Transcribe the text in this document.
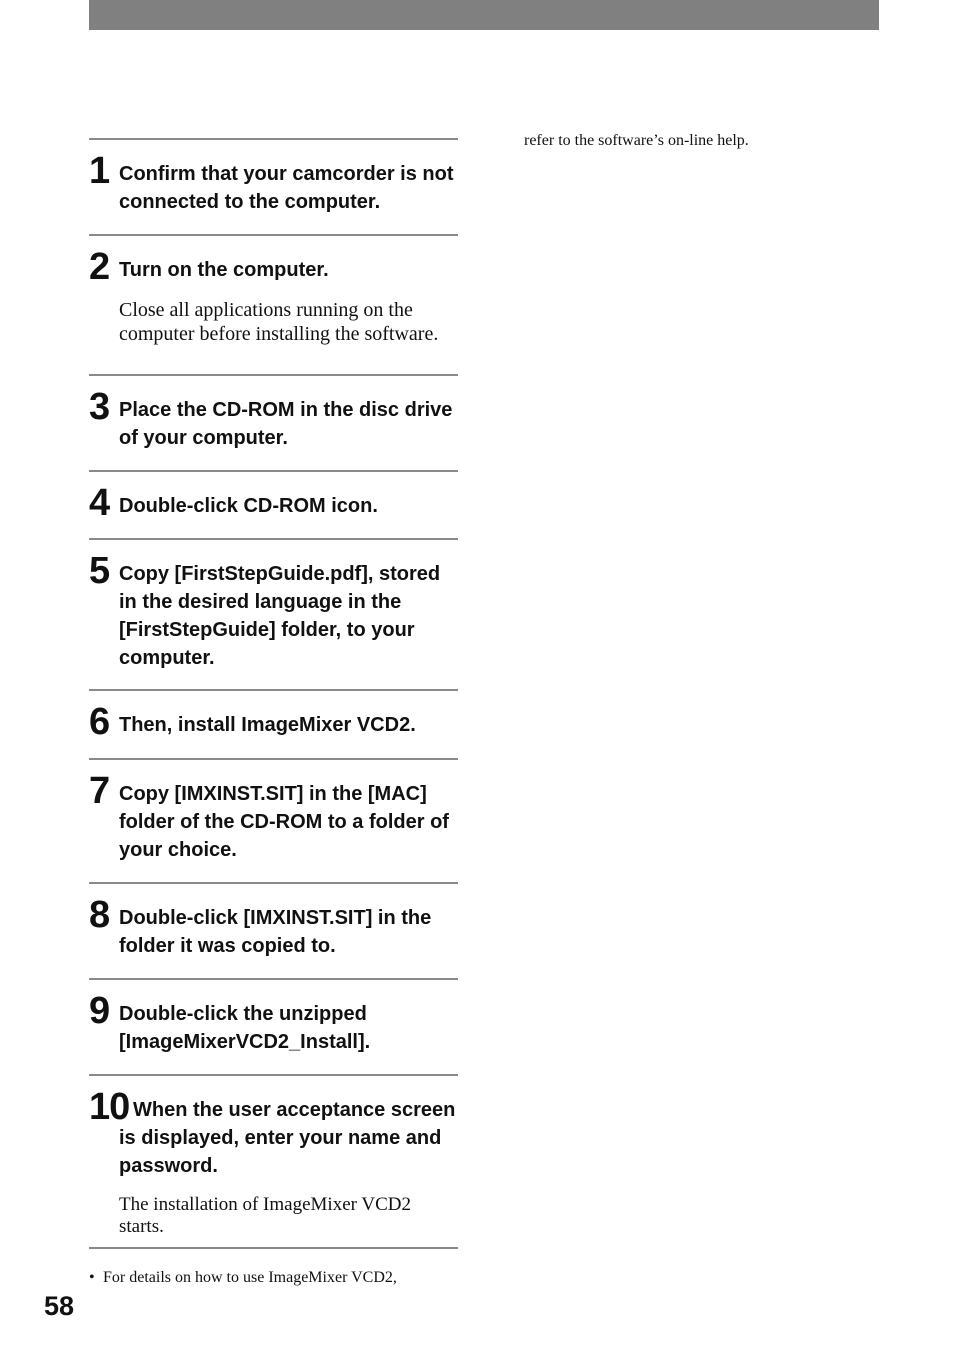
1 Confirm that your camcorder is not connected to the computer.

2 Turn on the computer.

Close all applications running on the computer before installing the software.
3 Place the CD-ROM in the disc drive of your computer.

4 Double-click CD-ROM icon.

5 Copy [FirstStepGuide.pdf], stored in the desired language in the [FirstStepGuide] folder, to your computer.

6 Then, install ImageMixer VCD2.

7 Copy [IMXINST.SIT] in the [MAC] folder of the CD-ROM to a folder of your choice.

8 Double-click [IMXINST.SIT] in the folder it was copied to.

9 Double-click the unzipped [ImageMixerVCD2_Install].

10 When the user acceptance screen is displayed, enter your name and password.

The installation of ImageMixer VCD2 starts.
• For details on how to use ImageMixer VCD2,
refer to the software’s on-line help.
58
